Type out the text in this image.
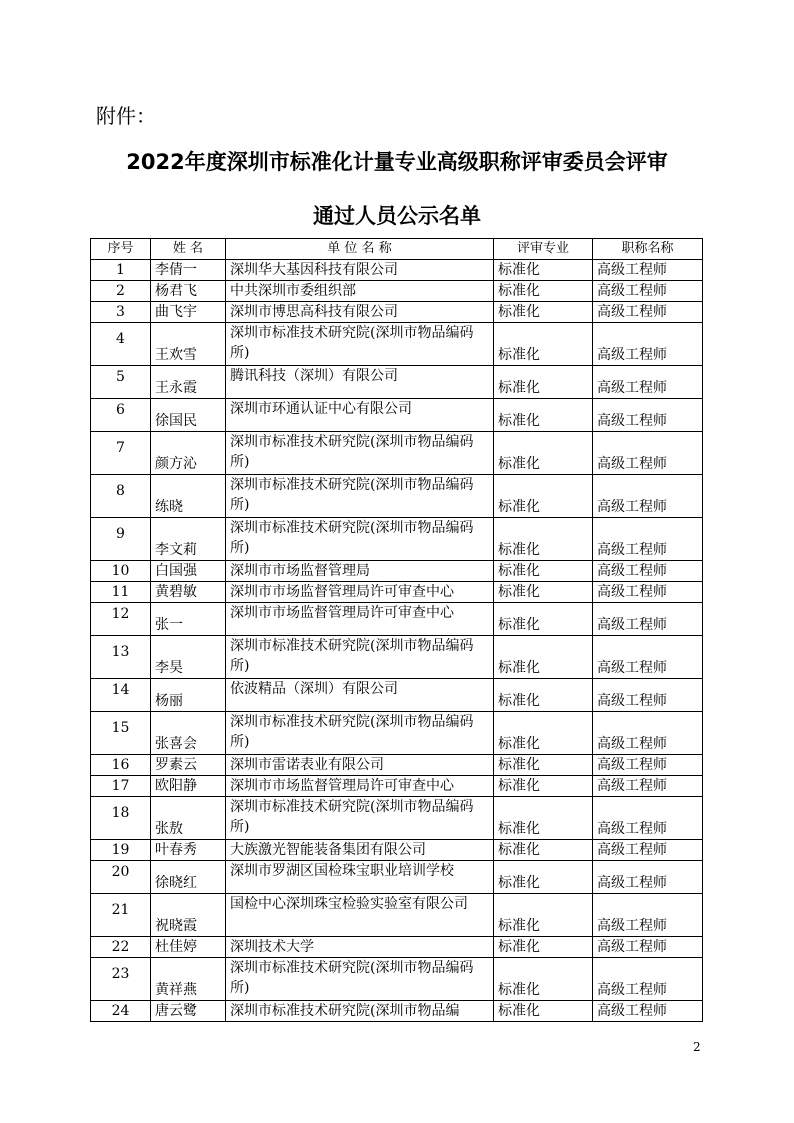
附件：
2022年度深圳市标准化计量专业高级职称评审委员会评审
通过人员公示名单
序号	姓 名	单 位 名 称	评审专业	职称名称
1	李倩一	深圳华大基因科技有限公司	标准化	高级工程师
2	杨君飞	中共深圳市委组织部	标准化	高级工程师
3	曲飞宇	深圳市博思高科技有限公司	标准化	高级工程师
4	王欢雪	深圳市标准技术研究院(深圳市物品编码所)	标准化	高级工程师
5	王永霞	腾讯科技（深圳）有限公司	标准化	高级工程师
6	徐国民	深圳市环通认证中心有限公司	标准化	高级工程师
7	颜方沁	深圳市标准技术研究院(深圳市物品编码所)	标准化	高级工程师
8	练晓	深圳市标准技术研究院(深圳市物品编码所)	标准化	高级工程师
9	李文莉	深圳市标准技术研究院(深圳市物品编码所)	标准化	高级工程师
10	白国强	深圳市市场监督管理局	标准化	高级工程师
11	黄碧敏	深圳市市场监督管理局许可审查中心	标准化	高级工程师
12	张一	深圳市市场监督管理局许可审查中心	标准化	高级工程师
13	李昊	深圳市标准技术研究院(深圳市物品编码所)	标准化	高级工程师
14	杨丽	依波精品（深圳）有限公司	标准化	高级工程师
15	张喜会	深圳市标准技术研究院(深圳市物品编码所)	标准化	高级工程师
16	罗素云	深圳市雷诺表业有限公司	标准化	高级工程师
17	欧阳静	深圳市市场监督管理局许可审查中心	标准化	高级工程师
18	张敖	深圳市标准技术研究院(深圳市物品编码所)	标准化	高级工程师
19	叶春秀	大族激光智能装备集团有限公司	标准化	高级工程师
20	徐晓红	深圳市罗湖区国检珠宝职业培训学校	标准化	高级工程师
21	祝晓霞	国检中心深圳珠宝检验实验室有限公司	标准化	高级工程师
22	杜佳婷	深圳技术大学	标准化	高级工程师
23	黄祥燕	深圳市标准技术研究院(深圳市物品编码所)	标准化	高级工程师
24	唐云鹭	深圳市标准技术研究院(深圳市物品编	标准化	高级工程师
2
